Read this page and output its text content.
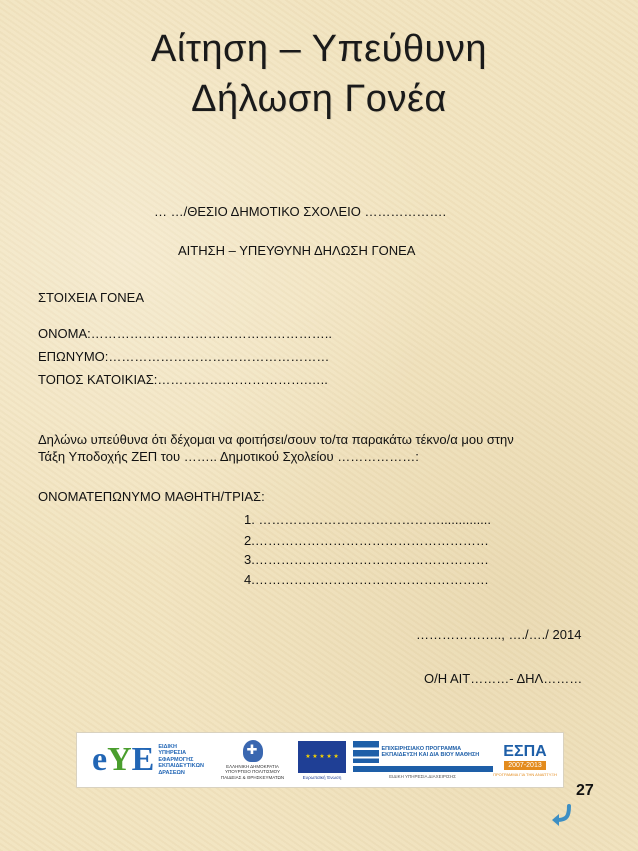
Αίτηση – Υπεύθυνη
Δήλωση Γονέα
… …/ΘΕΣΙΟ ΔΗΜΟΤΙΚΟ ΣΧΟΛΕΙΟ ……………….
ΑΙΤΗΣΗ – ΥΠΕΥΘΥΝΗ ΔΗΛΩΣΗ ΓΟΝΕΑ
ΣΤΟΙΧΕΙΑ ΓΟΝΕΑ
ΟΝΟΜΑ:………………………………………………..
ΕΠΩΝΥΜΟ:……………………………………………
ΤΟΠΟΣ ΚΑΤΟΙΚΙΑΣ:…………….……………….…..
Δηλώνω υπεύθυνα ότι δέχομαι να φοιτήσει/σουν το/τα παρακάτω τέκνο/α μου στην
Τάξη Υποδοχής ΖΕΠ του …….. Δημοτικού Σχολείου ………………:
ΟΝΟΜΑΤΕΠΩΝΥΜΟ ΜΑΘΗΤΗ/ΤΡΙΑΣ:
1. ……………………………………..............
2.………………………………………………
3.………………………………………………
4.………………………………………………
……………….., …./…./ 2014
Ο/Η ΑΙΤ………- ΔΗΛ………
eYE ΕΙΔΙΚΗ
ΥΠΗΡΕΣΙΑ
ΕΦΑΡΜΟΓΗΣ
ΕΚΠΑΙΔΕΥΤΙΚΩΝ
ΔΡΑΣΕΩΝ
✚
ΕΛΛΗΝΙΚΗ ΔΗΜΟΚΡΑΤΙΑ
ΥΠΟΥΡΓΕΙΟ ΠΟΛΙΤΙΣΜΟΥ
ΠΑΙΔΕΙΑΣ & ΘΡΗΣΚΕΥΜΑΤΩΝ
★ ★ ★ ★ ★
Ευρωπαϊκή Ένωση
ΕΠΙΧΕΙΡΗΣΙΑΚΟ ΠΡΟΓΡΑΜΜΑ
ΕΚΠΑΙΔΕΥΣΗ ΚΑΙ ΔΙΑ ΒΙΟΥ ΜΑΘΗΣΗ
ΕΙΔΙΚΗ ΥΠΗΡΕΣΙΑ ΔΙΑΧΕΙΡΙΣΗΣ
ΕΣΠΑ
2007-2013
ΠΡΟΓΡΑΜΜΑ ΓΙΑ ΤΗΝ ΑΝΑΠΤΥΞΗ
27
